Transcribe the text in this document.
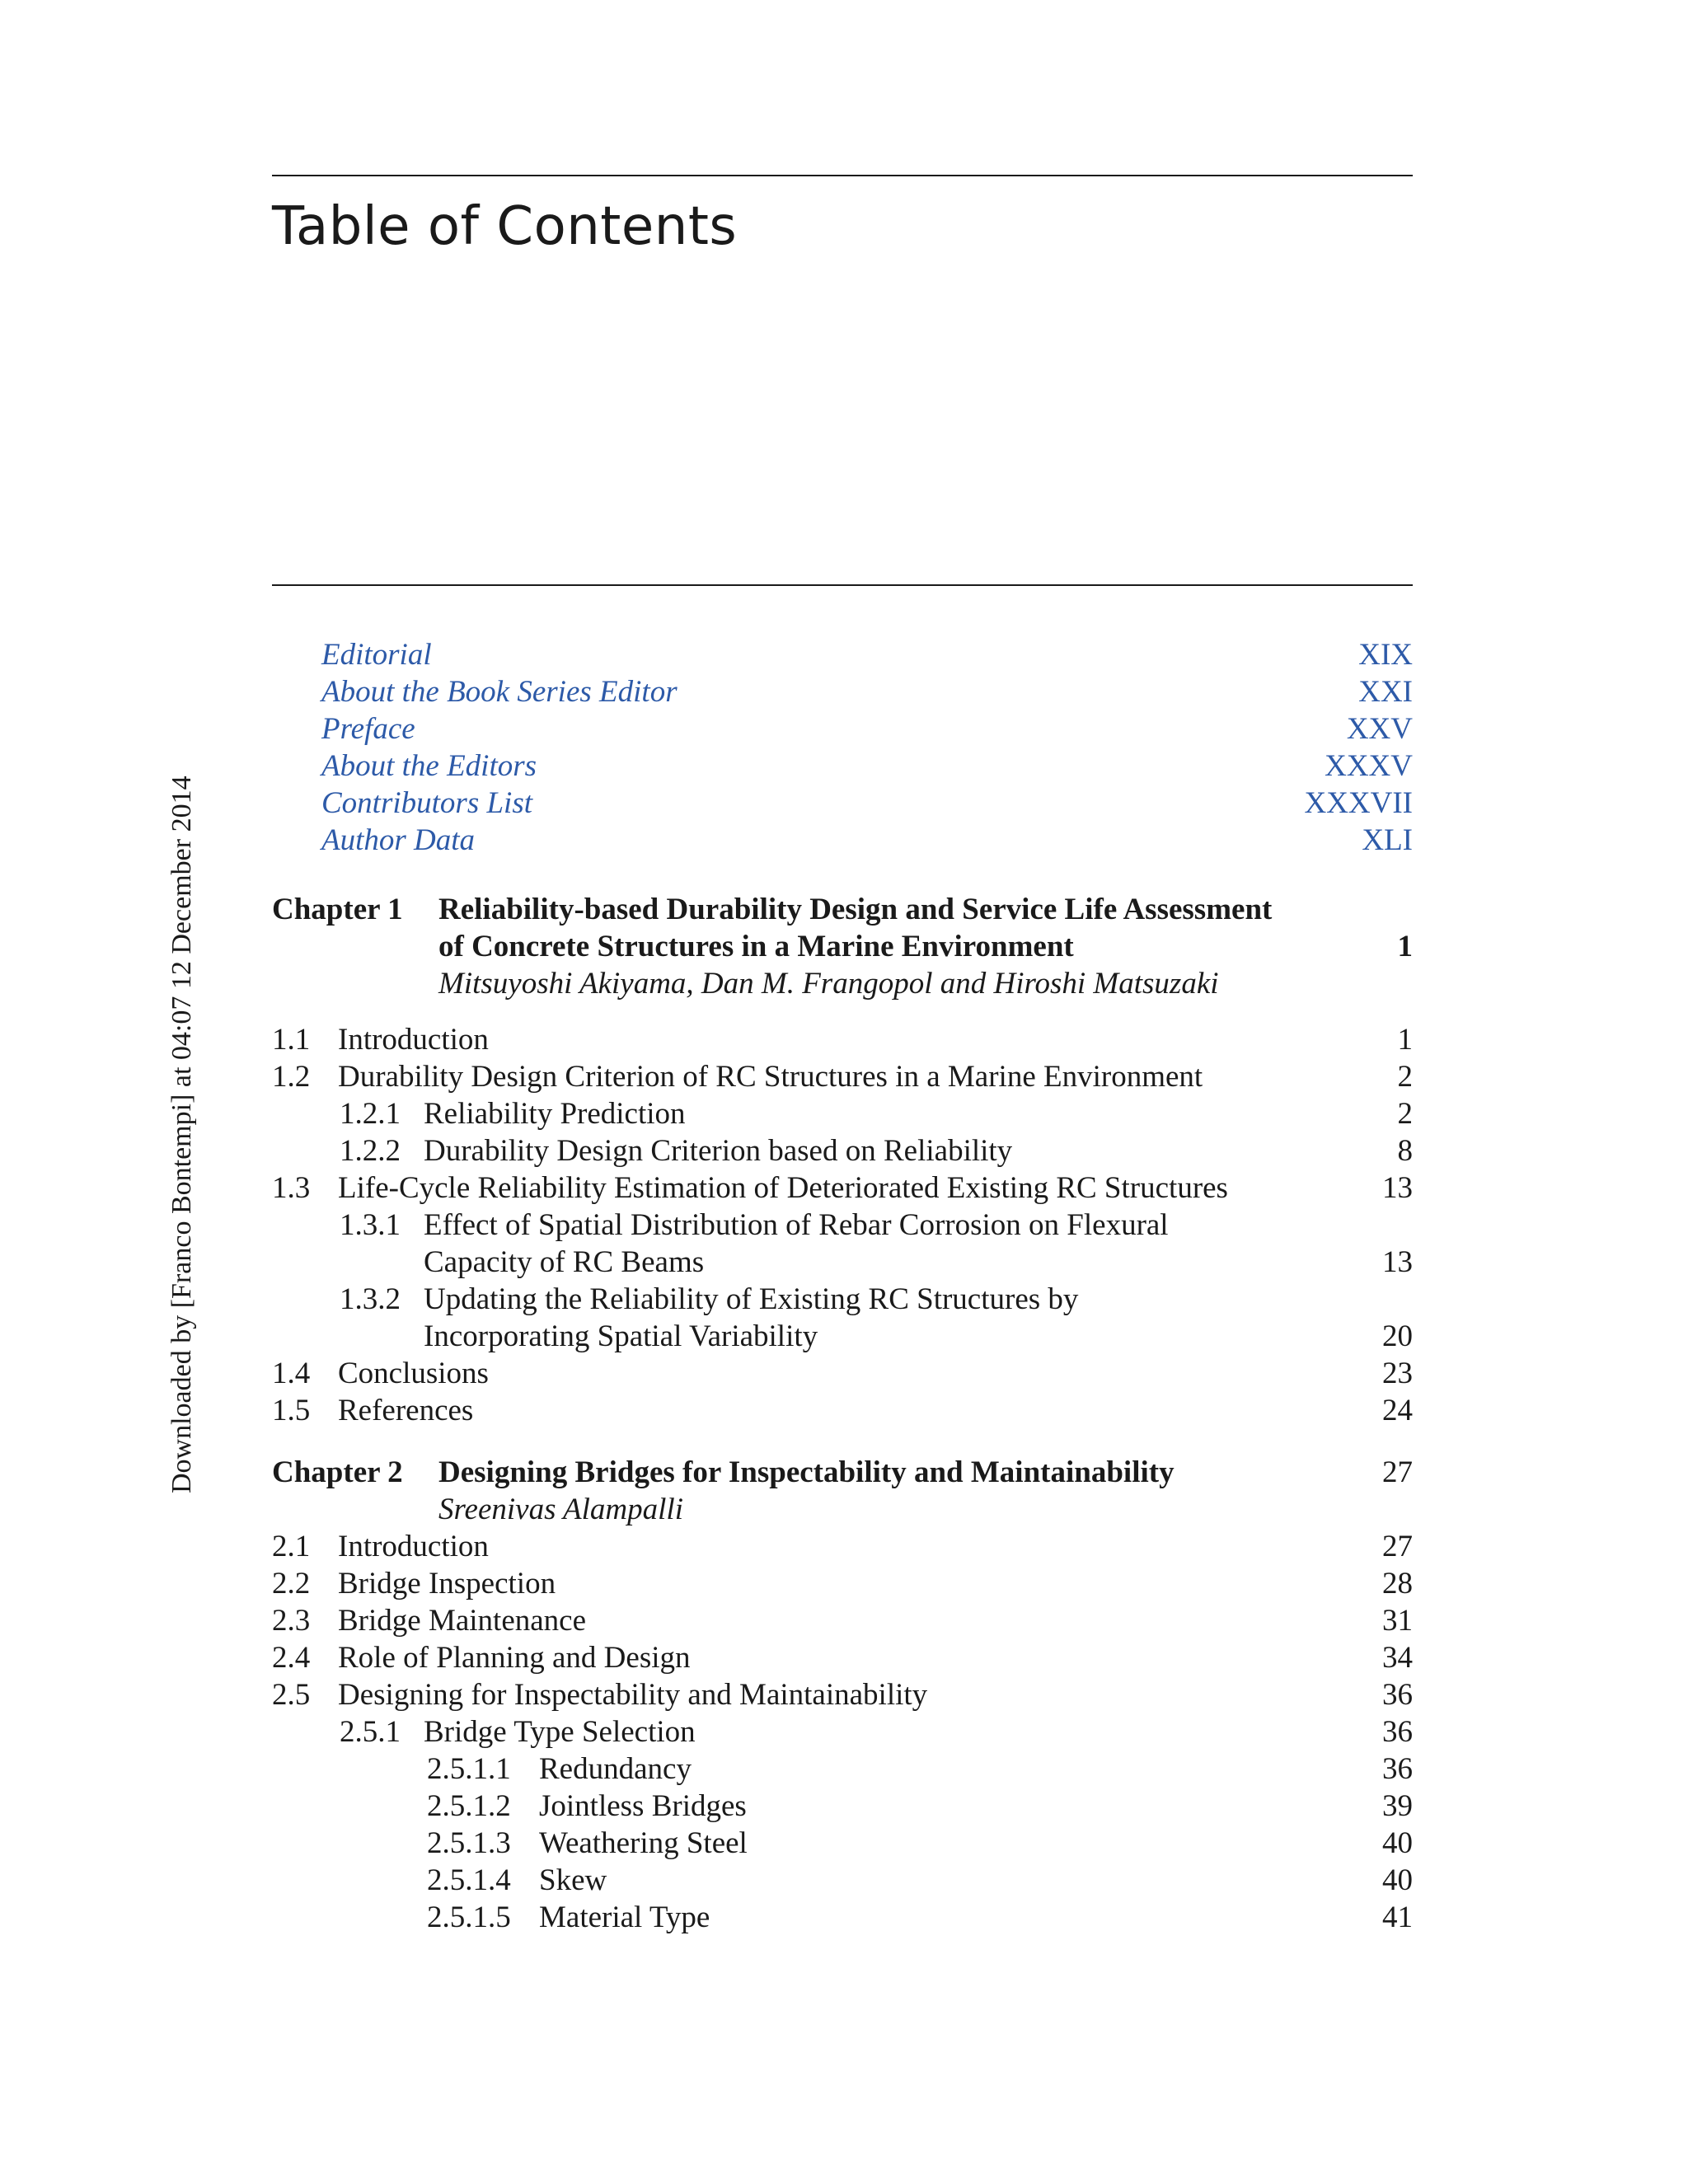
Table of Contents
Downloaded by [Franco Bontempi] at 04:07 12 December 2014
Editorial	XIX
About the Book Series Editor	XXI
Preface	XXV
About the Editors	XXXV
Contributors List	XXXVII
Author Data	XLI
Chapter 1 Reliability-based Durability Design and Service Life Assessment
of Concrete Structures in a Marine Environment	1
Mitsuyoshi Akiyama, Dan M. Frangopol and Hiroshi Matsuzaki
1.1 Introduction	1
1.2 Durability Design Criterion of RC Structures in a Marine Environment	2
1.2.1 Reliability Prediction	2
1.2.2 Durability Design Criterion based on Reliability	8
1.3 Life-Cycle Reliability Estimation of Deteriorated Existing RC Structures	13
1.3.1 Effect of Spatial Distribution of Rebar Corrosion on Flexural
Capacity of RC Beams	13
1.3.2 Updating the Reliability of Existing RC Structures by
Incorporating Spatial Variability	20
1.4 Conclusions	23
1.5 References	24
Chapter 2 Designing Bridges for Inspectability and Maintainability	27
Sreenivas Alampalli
2.1 Introduction	27
2.2 Bridge Inspection	28
2.3 Bridge Maintenance	31
2.4 Role of Planning and Design	34
2.5 Designing for Inspectability and Maintainability	36
2.5.1 Bridge Type Selection	36
2.5.1.1 Redundancy	36
2.5.1.2 Jointless Bridges	39
2.5.1.3 Weathering Steel	40
2.5.1.4 Skew	40
2.5.1.5 Material Type	41
